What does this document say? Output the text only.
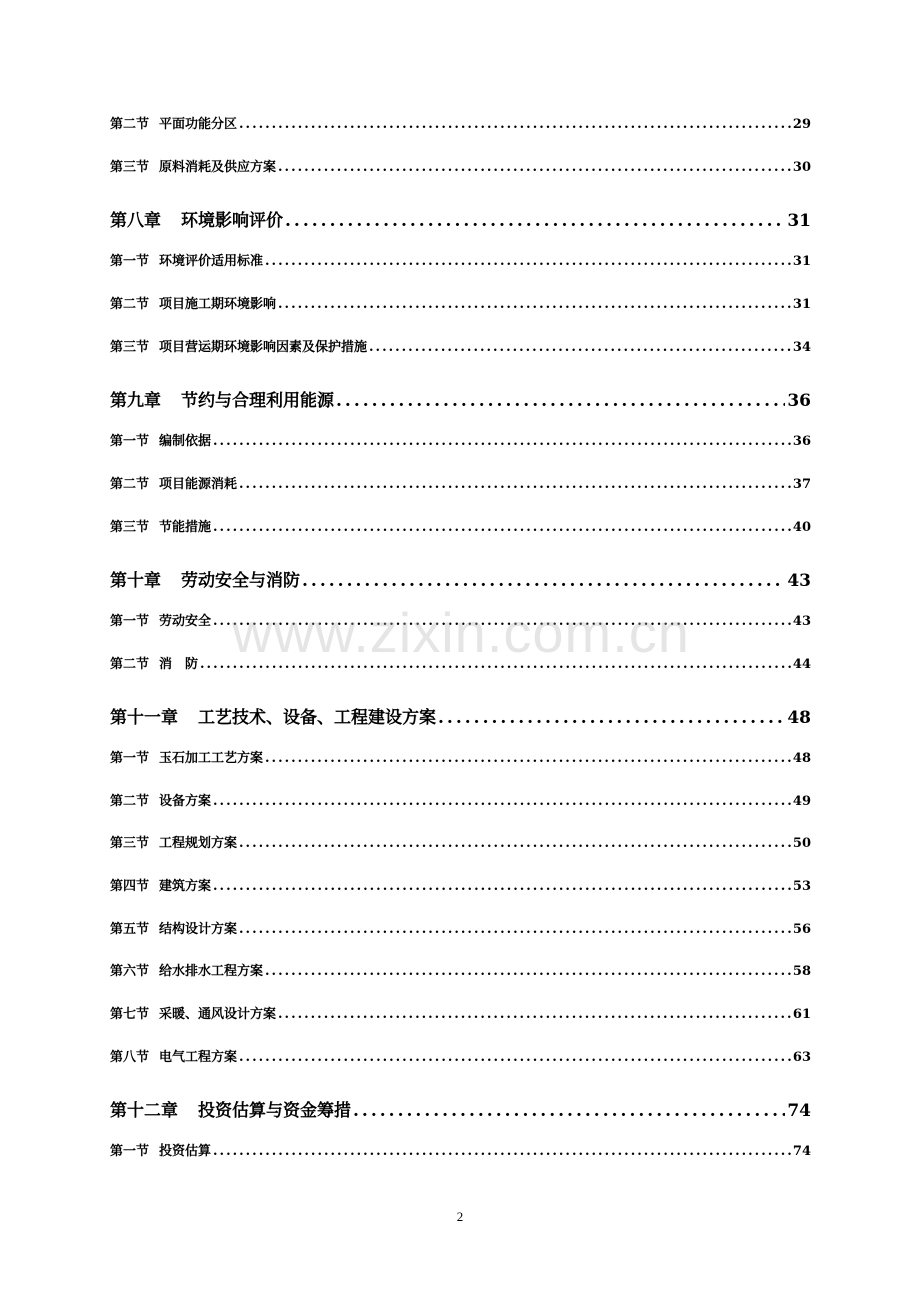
第二节 平面功能分区 .....	29
第三节 原料消耗及供应方案 .....	30
第八章 环境影响评价 .....	31
第一节 环境评价适用标准 .....	31
第二节 项目施工期环境影响 .....	31
第三节 项目营运期环境影响因素及保护措施 .....	34
第九章 节约与合理利用能源 .....	36
第一节 编制依据 .....	36
第二节 项目能源消耗 .....	37
第三节 节能措施 .....	40
第十章 劳动安全与消防 .....	43
第一节 劳动安全 .....	43
第二节 消　防 .....	44
第十一章 工艺技术、设备、工程建设方案 .....	48
第一节 玉石加工工艺方案 .....	48
第二节 设备方案 .....	49
第三节 工程规划方案 .....	50
第四节 建筑方案 .....	53
第五节 结构设计方案 .....	56
第六节 给水排水工程方案 .....	58
第七节 采暖、通风设计方案 .....	61
第八节 电气工程方案 .....	63
第十二章 投资估算与资金筹措 .....	74
第一节 投资估算 .....	74
www.zixin.com.cn
2
